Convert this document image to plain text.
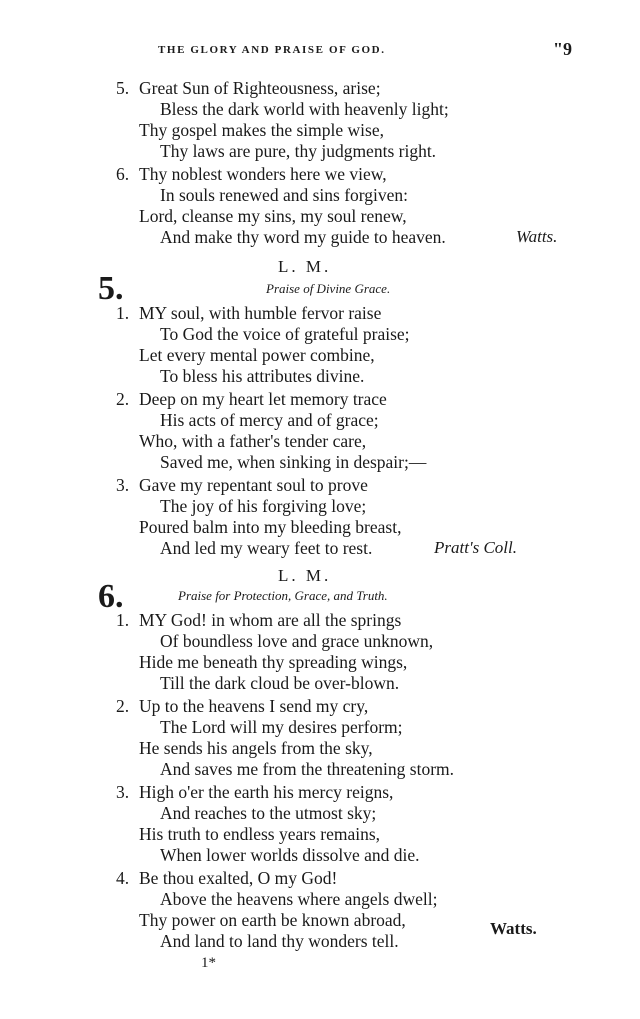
THE GLORY AND PRAISE OF GOD.	"9
5. Great Sun of Righteousness, arise;
Bless the dark world with heavenly light;
Thy gospel makes the simple wise,
Thy laws are pure, thy judgments right.
6. Thy noblest wonders here we view,
In souls renewed and sins forgiven:
Lord, cleanse my sins, my soul renew,
And make thy word my guide to heaven.	Watts.
L. M.
5.	Praise of Divine Grace.
1. MY soul, with humble fervor raise
To God the voice of grateful praise;
Let every mental power combine,
To bless his attributes divine.
2. Deep on my heart let memory trace
His acts of mercy and of grace;
Who, with a father's tender care,
Saved me, when sinking in despair;—
3. Gave my repentant soul to prove
The joy of his forgiving love;
Poured balm into my bleeding breast,
And led my weary feet to rest.	Pratt's Coll.
L. M.
6.	Praise for Protection, Grace, and Truth.
1. MY God! in whom are all the springs
Of boundless love and grace unknown,
Hide me beneath thy spreading wings,
Till the dark cloud be over-blown.
2. Up to the heavens I send my cry,
The Lord will my desires perform;
He sends his angels from the sky,
And saves me from the threatening storm.
3. High o'er the earth his mercy reigns,
And reaches to the utmost sky;
His truth to endless years remains,
When lower worlds dissolve and die.
4. Be thou exalted, O my God!
Above the heavens where angels dwell;
Thy power on earth be known abroad,
And land to land thy wonders tell.
Watts.
1*
